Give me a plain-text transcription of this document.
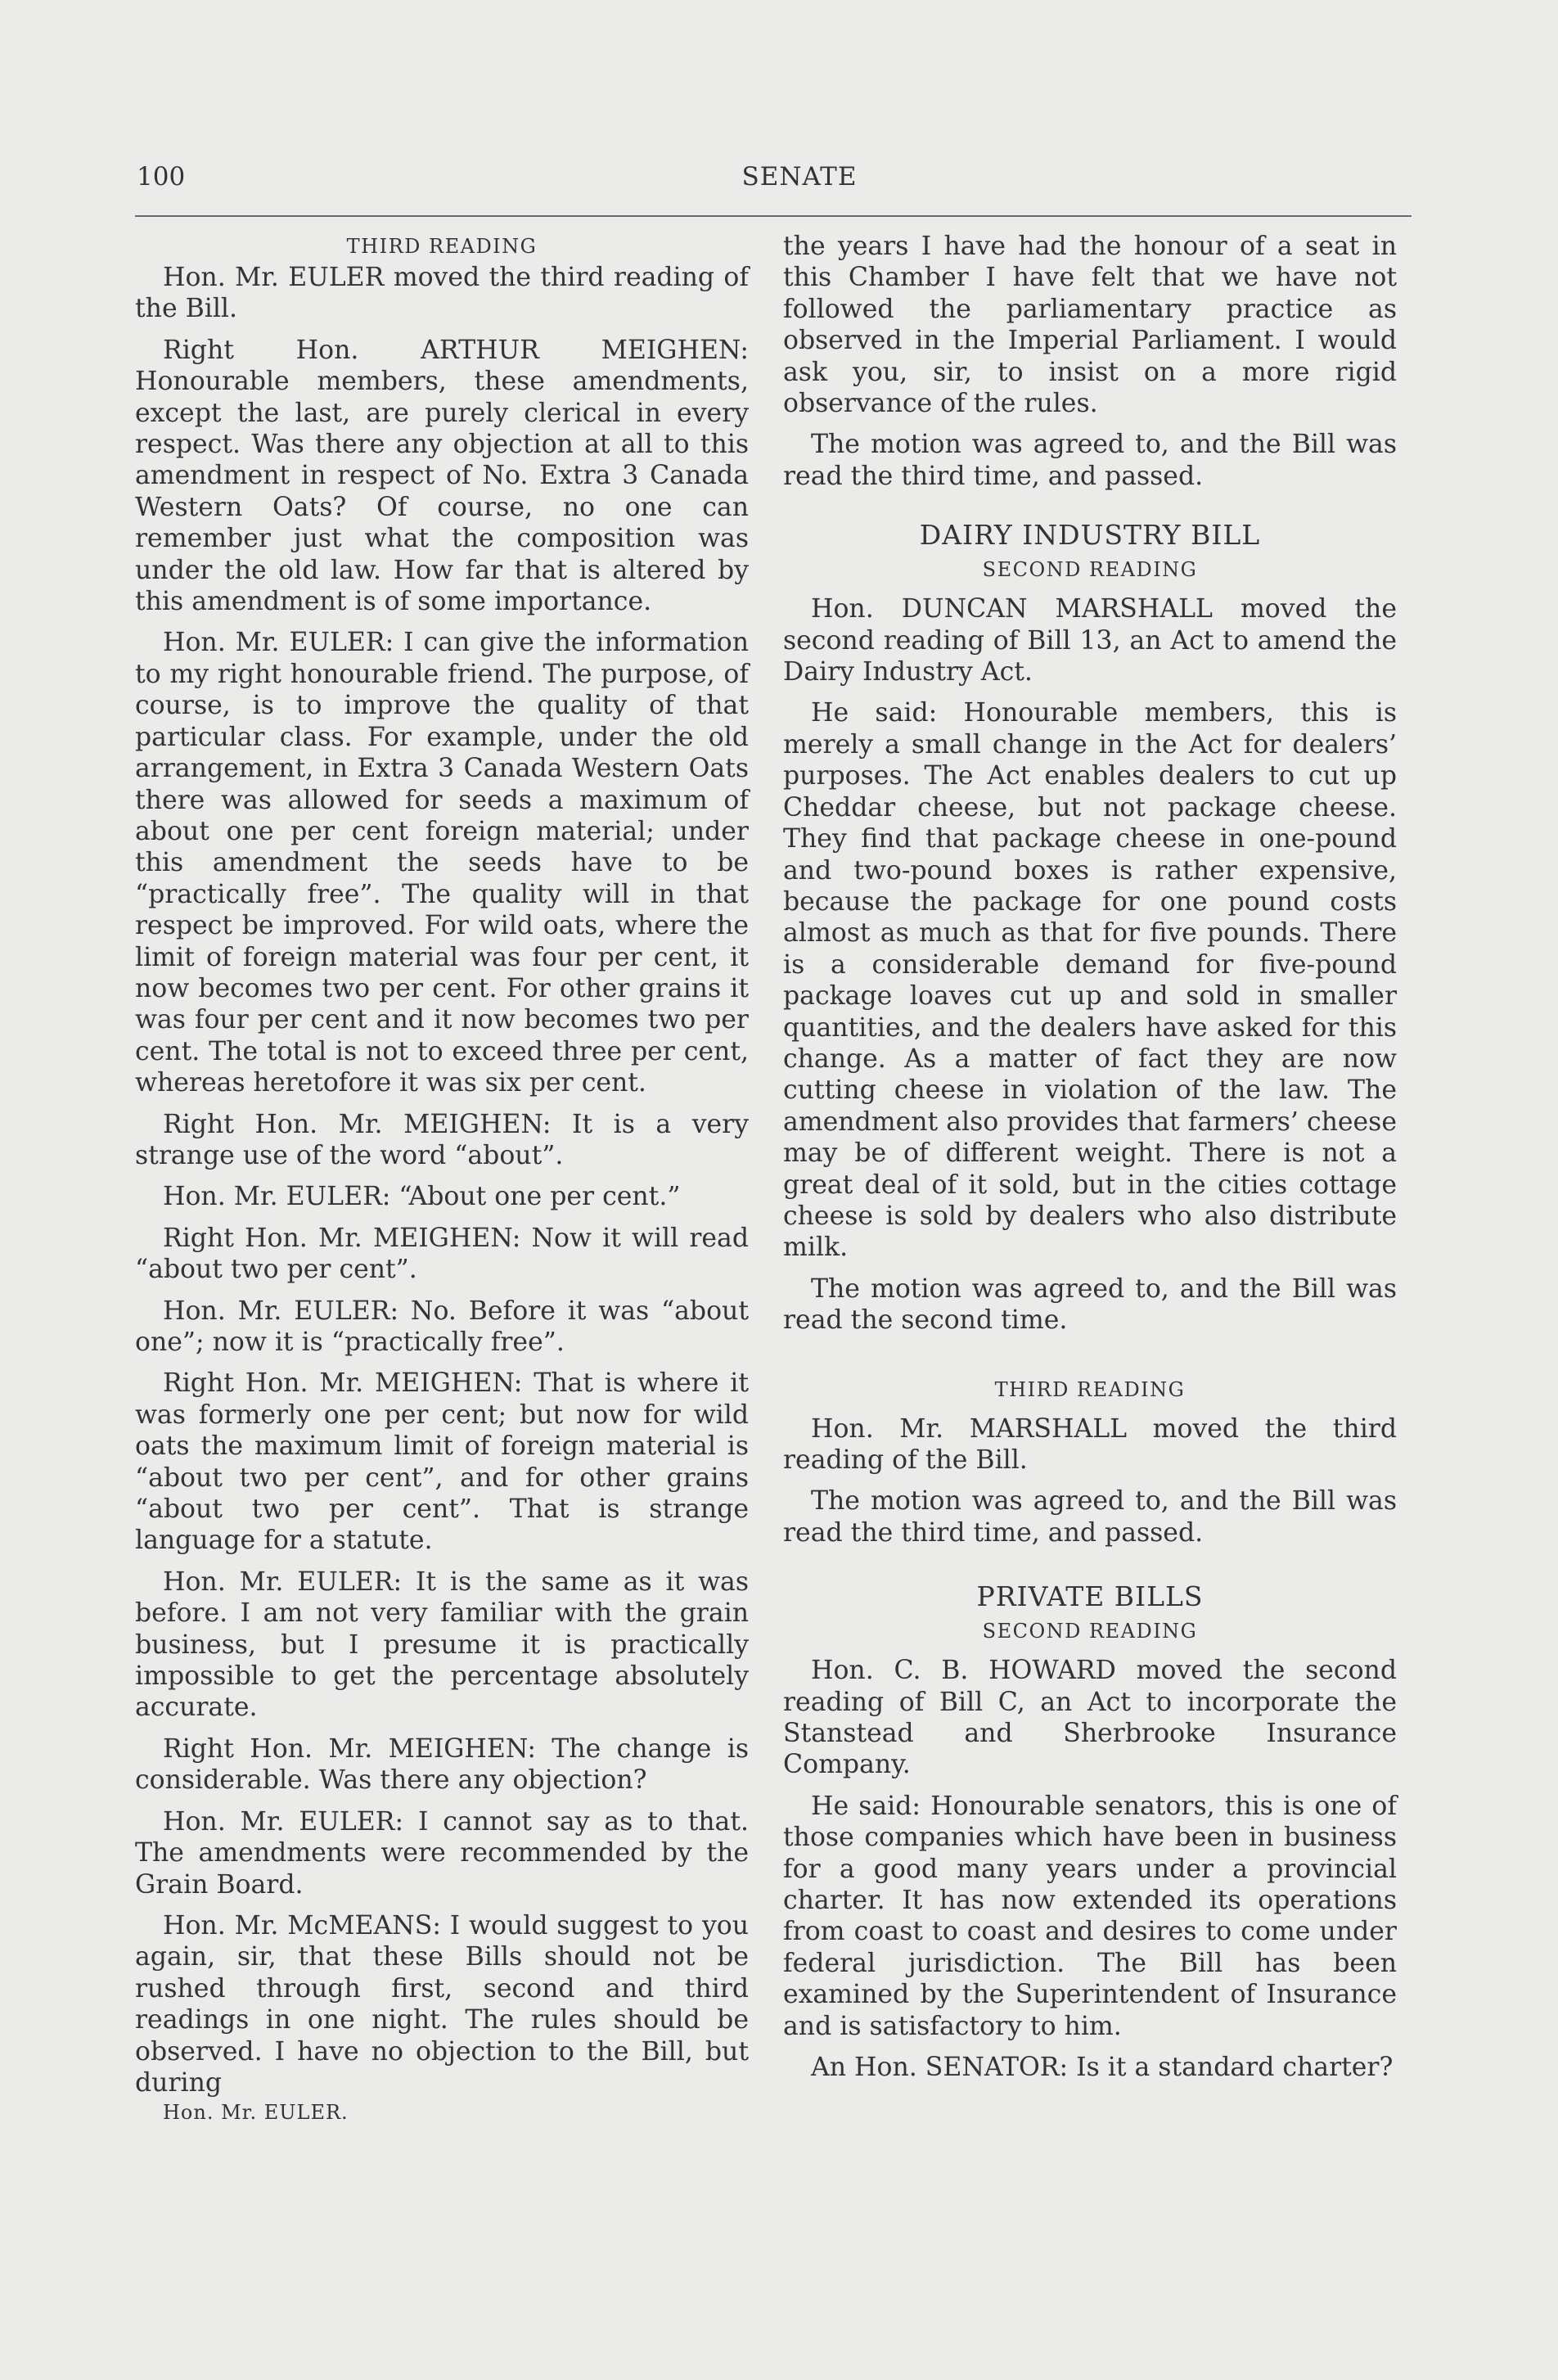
100	SENATE
THIRD READING

Hon. Mr. EULER moved the third reading of the Bill.

Right Hon. ARTHUR MEIGHEN: Honourable members, these amendments, except the last, are purely clerical in every respect. Was there any objection at all to this amendment in respect of No. Extra 3 Canada Western Oats? Of course, no one can remember just what the composition was under the old law. How far that is altered by this amendment is of some importance.

Hon. Mr. EULER: I can give the information to my right honourable friend. The purpose, of course, is to improve the quality of that particular class. For example, under the old arrangement, in Extra 3 Canada Western Oats there was allowed for seeds a maximum of about one per cent foreign material; under this amendment the seeds have to be “practically free”. The quality will in that respect be improved. For wild oats, where the limit of foreign material was four per cent, it now becomes two per cent. For other grains it was four per cent and it now becomes two per cent. The total is not to exceed three per cent, whereas heretofore it was six per cent.

Right Hon. Mr. MEIGHEN: It is a very strange use of the word “about”.

Hon. Mr. EULER: “About one per cent.”

Right Hon. Mr. MEIGHEN: Now it will read “about two per cent”.

Hon. Mr. EULER: No. Before it was “about one”; now it is “practically free”.

Right Hon. Mr. MEIGHEN: That is where it was formerly one per cent; but now for wild oats the maximum limit of foreign material is “about two per cent”, and for other grains “about two per cent”. That is strange language for a statute.

Hon. Mr. EULER: It is the same as it was before. I am not very familiar with the grain business, but I presume it is practically impossible to get the percentage absolutely accurate.

Right Hon. Mr. MEIGHEN: The change is considerable. Was there any objection?

Hon. Mr. EULER: I cannot say as to that. The amendments were recommended by the Grain Board.

Hon. Mr. McMEANS: I would suggest to you again, sir, that these Bills should not be rushed through first, second and third readings in one night. The rules should be observed. I have no objection to the Bill, but during

Hon. Mr. EULER.

the years I have had the honour of a seat in this Chamber I have felt that we have not followed the parliamentary practice as observed in the Imperial Parliament. I would ask you, sir, to insist on a more rigid observance of the rules.

The motion was agreed to, and the Bill was read the third time, and passed.

DAIRY INDUSTRY BILL
SECOND READING

Hon. DUNCAN MARSHALL moved the second reading of Bill 13, an Act to amend the Dairy Industry Act.

He said: Honourable members, this is merely a small change in the Act for dealers’ purposes. The Act enables dealers to cut up Cheddar cheese, but not package cheese. They find that package cheese in one-pound and two-pound boxes is rather expensive, because the package for one pound costs almost as much as that for five pounds. There is a considerable demand for five-pound package loaves cut up and sold in smaller quantities, and the dealers have asked for this change. As a matter of fact they are now cutting cheese in violation of the law. The amendment also provides that farmers’ cheese may be of different weight. There is not a great deal of it sold, but in the cities cottage cheese is sold by dealers who also distribute milk.

The motion was agreed to, and the Bill was read the second time.

THIRD READING

Hon. Mr. MARSHALL moved the third reading of the Bill.

The motion was agreed to, and the Bill was read the third time, and passed.

PRIVATE BILLS
SECOND READING

Hon. C. B. HOWARD moved the second reading of Bill C, an Act to incorporate the Stanstead and Sherbrooke Insurance Company.

He said: Honourable senators, this is one of those companies which have been in business for a good many years under a provincial charter. It has now extended its operations from coast to coast and desires to come under federal jurisdiction. The Bill has been examined by the Superintendent of Insurance and is satisfactory to him.

An Hon. SENATOR: Is it a standard charter?
